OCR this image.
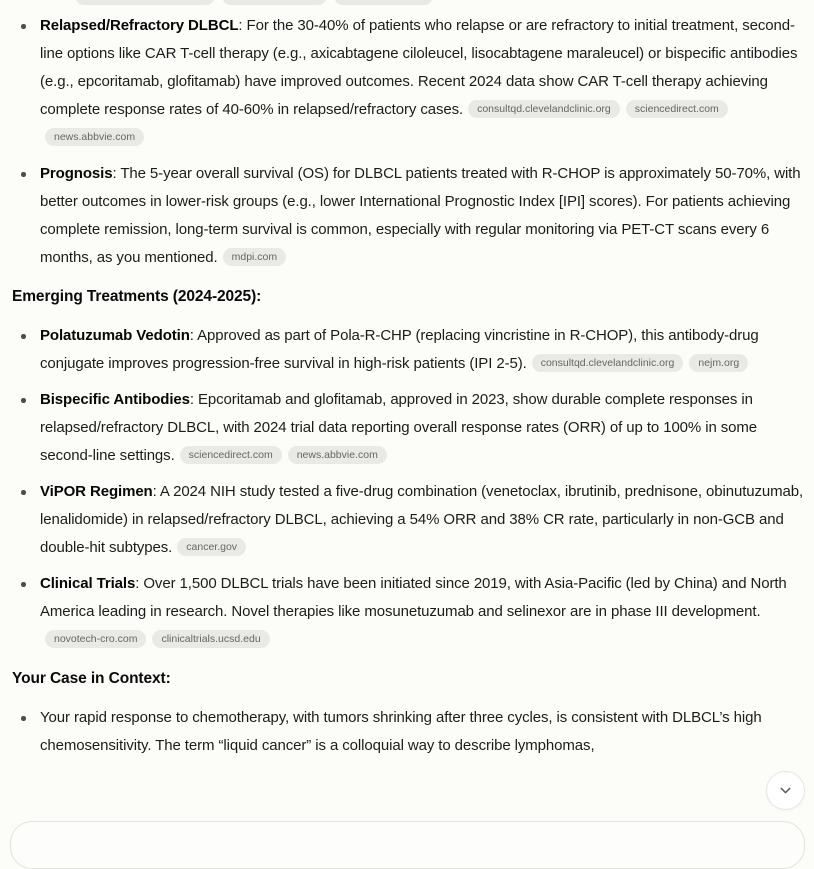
Relapsed/Refractory DLBCL: For the 30-40% of patients who relapse or are refractory to initial treatment, second-line options like CAR T-cell therapy (e.g., axicabtagene ciloleucel, lisocabtagene maraleucel) or bispecific antibodies (e.g., epcoritamab, glofitamab) have improved outcomes. Recent 2024 data show CAR T-cell therapy achieving complete response rates of 40-60% in relapsed/refractory cases. consultqd.clevelandclinic.org sciencedirect.comnews.abbvie.com
Prognosis: The 5-year overall survival (OS) for DLBCL patients treated with R-CHOP is approximately 50-70%, with better outcomes in lower-risk groups (e.g., lower International Prognostic Index [IPI] scores). For patients achieving complete remission, long-term survival is common, especially with regular monitoring via PET-CT scans every 6 months, as you mentioned. mdpi.com
Emerging Treatments (2024-2025):
Polatuzumab Vedotin: Approved as part of Pola-R-CHP (replacing vincristine in R-CHOP), this antibody-drug conjugate improves progression-free survival in high-risk patients (IPI 2-5). consultqd.clevelandclinic.org nejm.org
Bispecific Antibodies: Epcoritamab and glofitamab, approved in 2023, show durable complete responses in relapsed/refractory DLBCL, with 2024 trial data reporting overall response rates (ORR) of up to 100% in some second-line settings. sciencedirect.com news.abbvie.com
ViPOR Regimen: A 2024 NIH study tested a five-drug combination (venetoclax, ibrutinib, prednisone, obinutuzumab, lenalidomide) in relapsed/refractory DLBCL, achieving a 54% ORR and 38% CR rate, particularly in non-GCB and double-hit subtypes. cancer.gov
Clinical Trials: Over 1,500 DLBCL trials have been initiated since 2019, with Asia-Pacific (led by China) and North America leading in research. Novel therapies like mosunetuzumab and selinexor are in phase III development.novotech-cro.com clinicaltrials.ucsd.edu
Your Case in Context:
Your rapid response to chemotherapy, with tumors shrinking after three cycles, is consistent with DLBCL’s high chemosensitivity. The term “liquid cancer” is a colloquial way to describe lymphomas,
